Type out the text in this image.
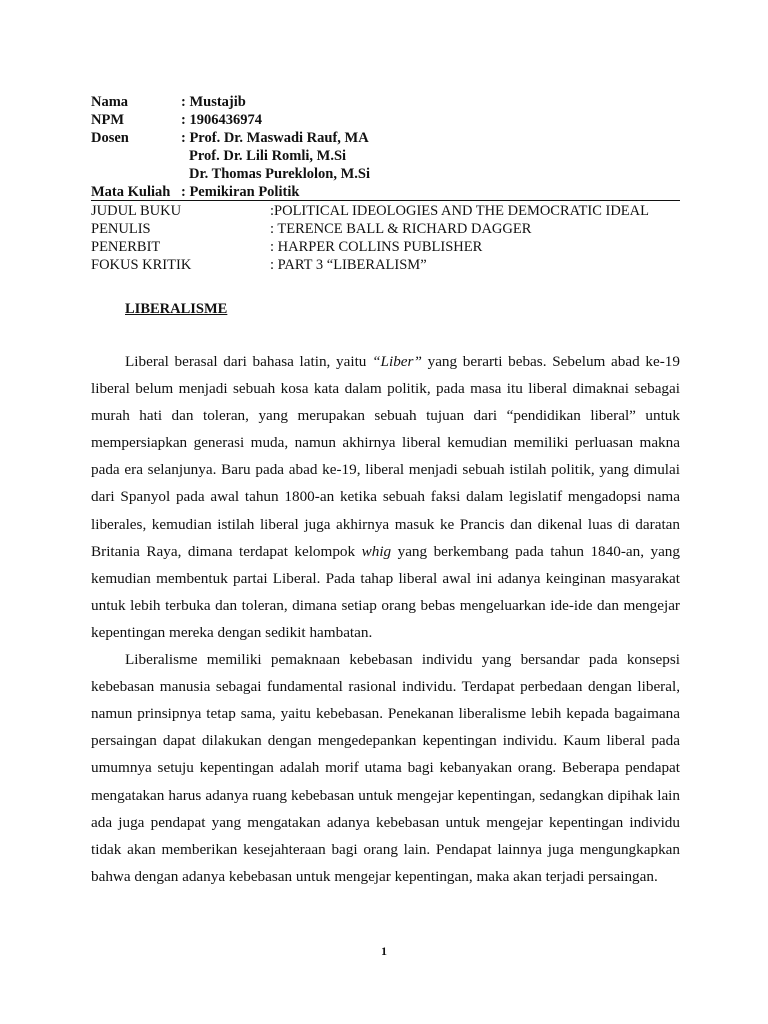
Nama	: Mustajib
NPM	: 1906436974
Dosen	: Prof. Dr. Maswadi Rauf, MA
Prof. Dr. Lili Romli, M.Si
Dr. Thomas Pureklolon, M.Si
Mata Kuliah : Pemikiran Politik
JUDUL BUKU	:POLITICAL IDEOLOGIES AND THE DEMOCRATIC IDEAL
PENULIS	: TERENCE BALL & RICHARD DAGGER
PENERBIT	: HARPER COLLINS PUBLISHER
FOKUS KRITIK	: PART 3 “LIBERALISM”
LIBERALISME

Liberal berasal dari bahasa latin, yaitu “Liber” yang berarti bebas. Sebelum abad ke-19 liberal belum menjadi sebuah kosa kata dalam politik, pada masa itu liberal dimaknai sebagai murah hati dan toleran, yang merupakan sebuah tujuan dari “pendidikan liberal” untuk mempersiapkan generasi muda, namun akhirnya liberal kemudian memiliki perluasan makna pada era selanjunya. Baru pada abad ke-19, liberal menjadi sebuah istilah politik, yang dimulai dari Spanyol pada awal tahun 1800-an ketika sebuah faksi dalam legislatif mengadopsi nama liberales, kemudian istilah liberal juga akhirnya masuk ke Prancis dan dikenal luas di daratan Britania Raya, dimana terdapat kelompok whig yang berkembang pada tahun 1840-an, yang kemudian membentuk partai Liberal. Pada tahap liberal awal ini adanya keinginan masyarakat untuk lebih terbuka dan toleran, dimana setiap orang bebas mengeluarkan ide-ide dan mengejar kepentingan mereka dengan sedikit hambatan.

Liberalisme memiliki pemaknaan kebebasan individu yang bersandar pada konsepsi kebebasan manusia sebagai fundamental rasional individu. Terdapat perbedaan dengan liberal, namun prinsipnya tetap sama, yaitu kebebasan. Penekanan liberalisme lebih kepada bagaimana persaingan dapat dilakukan dengan mengedepankan kepentingan individu. Kaum liberal pada umumnya setuju kepentingan adalah morif utama bagi kebanyakan orang. Beberapa pendapat mengatakan harus adanya ruang kebebasan untuk mengejar kepentingan, sedangkan dipihak lain ada juga pendapat yang mengatakan adanya kebebasan untuk mengejar kepentingan individu tidak akan memberikan kesejahteraan bagi orang lain. Pendapat lainnya juga mengungkapkan bahwa dengan adanya kebebasan untuk mengejar kepentingan, maka akan terjadi persaingan.

1
